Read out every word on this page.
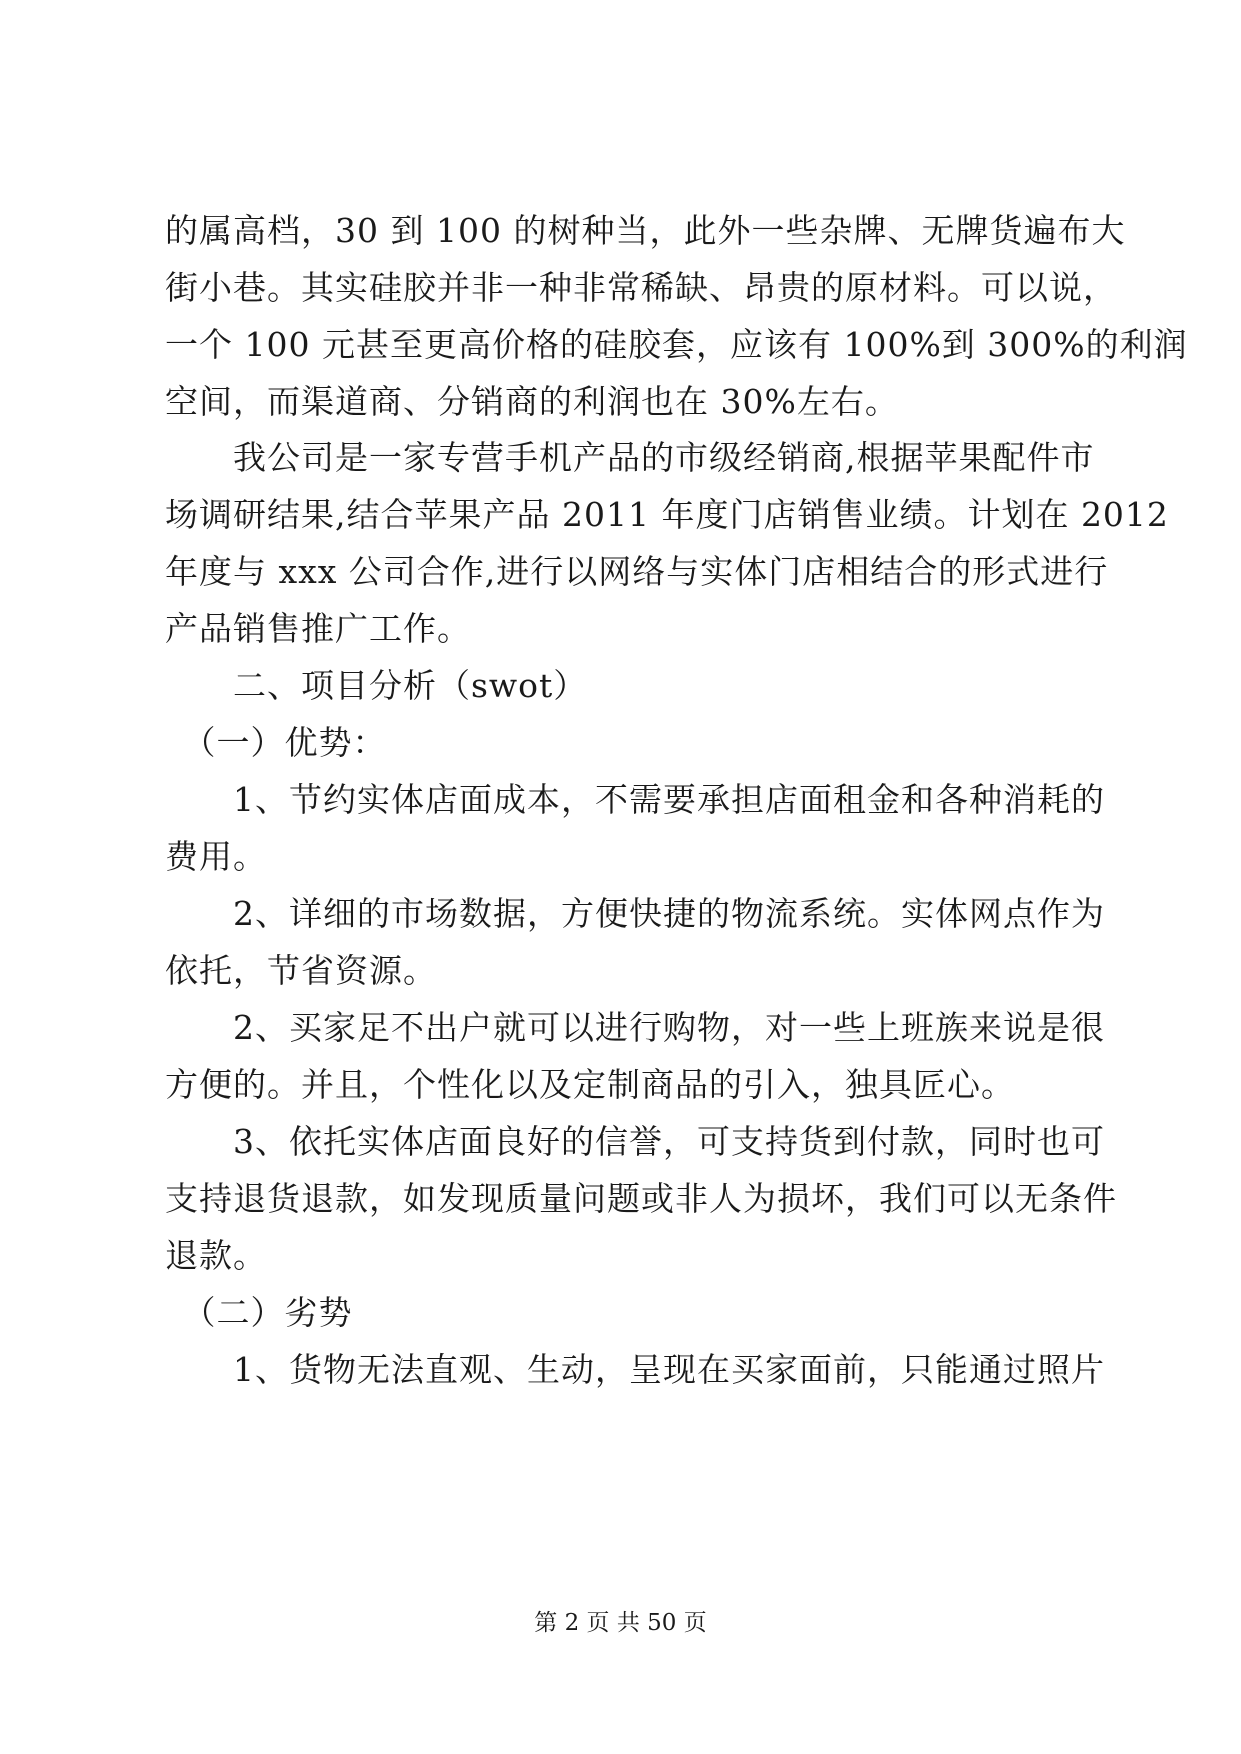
的属高档，30 到 100 的树种当，此外一些杂牌、无牌货遍布大
街小巷。其实硅胶并非一种非常稀缺、昂贵的原材料。可以说，
一个 100 元甚至更高价格的硅胶套，应该有 100%到 300%的利润
空间，而渠道商、分销商的利润也在 30%左右。
　　我公司是一家专营手机产品的市级经销商,根据苹果配件市
场调研结果,结合苹果产品 2011 年度门店销售业绩。计划在 2012
年度与 xxx 公司合作,进行以网络与实体门店相结合的形式进行
产品销售推广工作。
　　二、项目分析（swot）
　（一）优势：
　　1、节约实体店面成本，不需要承担店面租金和各种消耗的
费用。
　　2、详细的市场数据，方便快捷的物流系统。实体网点作为
依托，节省资源。
　　2、买家足不出户就可以进行购物，对一些上班族来说是很
方便的。并且，个性化以及定制商品的引入，独具匠心。
　　3、依托实体店面良好的信誉，可支持货到付款，同时也可
支持退货退款，如发现质量问题或非人为损坏，我们可以无条件
退款。
　（二）劣势
　　1、货物无法直观、生动，呈现在买家面前，只能通过照片
第 2 页 共 50 页
